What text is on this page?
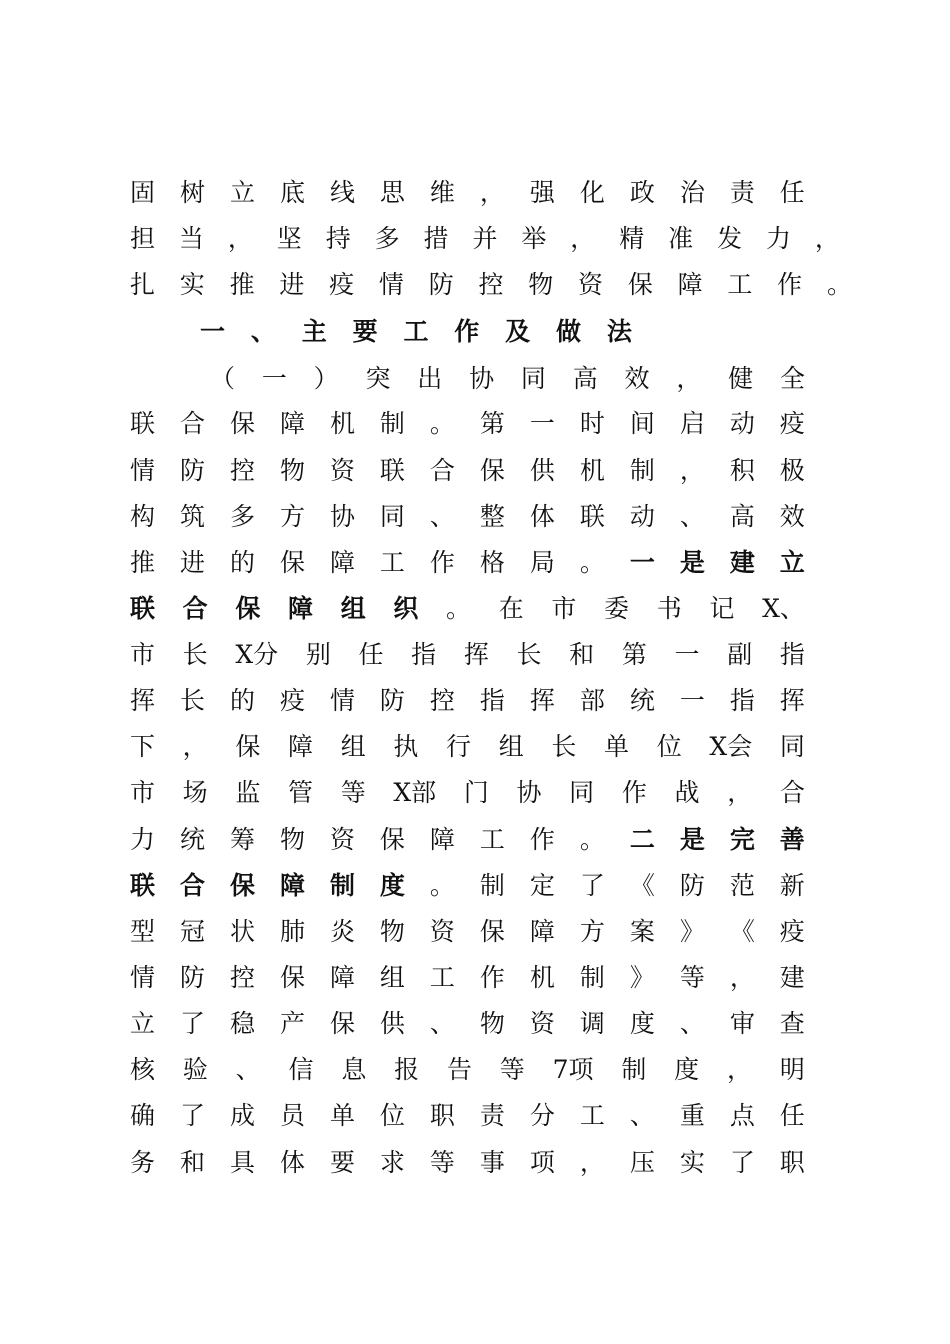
固 树 立 底 线 思 维 ， 强 化 政 治 责 任
担 当 ， 坚 持 多 措 并 举 ， 精 准 发 力 ，
扎 实 推 进 疫 情 防 控 物 资 保 障 工 作 。
一 、 主 要 工 作 及 做 法
（ 一 ） 突 出 协 同 高 效 ， 健 全
联 合 保 障 机 制 。 第 一 时 间 启 动 疫
情 防 控 物 资 联 合 保 供 机 制 ， 积 极
构 筑 多 方 协 同 、 整 体 联 动 、 高 效
推 进 的 保 障 工 作 格 局 。 一 是 建 立
联 合 保 障 组 织 。 在 市 委 书 记 X、
市 长 X分 别 任 指 挥 长 和 第 一 副 指
挥 长 的 疫 情 防 控 指 挥 部 统 一 指 挥
下 ， 保 障 组 执 行 组 长 单 位 X会 同
市 场 监 管 等 X部 门 协 同 作 战 ， 合
力 统 筹 物 资 保 障 工 作 。 二 是 完 善
联 合 保 障 制 度 。 制 定 了 《 防 范 新
型 冠 状 肺 炎 物 资 保 障 方 案 》 《 疫
情 防 控 保 障 组 工 作 机 制 》 等 ， 建
立 了 稳 产 保 供 、 物 资 调 度 、 审 查
核 验 、 信 息 报 告 等 7项 制 度 ， 明
确 了 成 员 单 位 职 责 分 工 、 重 点 任
务 和 具 体 要 求 等 事 项 ， 压 实 了 职
